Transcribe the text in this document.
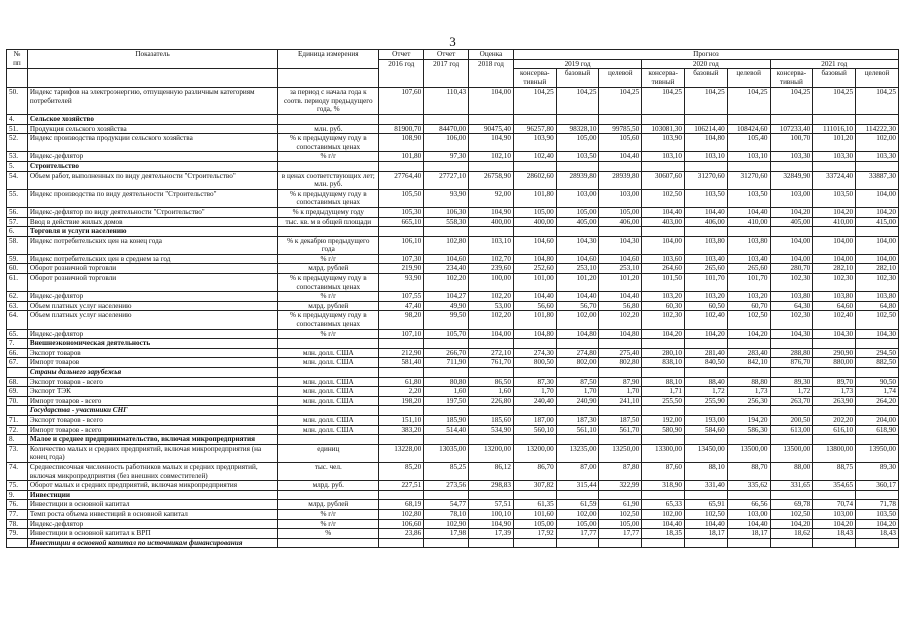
3
№ пп	Показатель	Единица измерения	Отчет	Отчет	Оценка	Прогноз								
			2016 год	2017 год	2018 год	2019 год			2020 год			2021 год		
						консерва-тивный	базовый	целевой	консерва-тивный	базовый	целевой	консерва-тивный	базовый	целевой
50.	Индекс тарифов на электроэнергию, отпущенную различным категориям потребителей	за период с начала года к соотв. периоду предыдущего года, %	107,60	110,43	104,00	104,25	104,25	104,25	104,25	104,25	104,25	104,25	104,25	104,25
4.	Сельское хозяйство													
51.	Продукция сельского хозяйства	млн. руб.	81900,70	84470,00	90475,40	96257,80	98328,10	99785,50	103081,30	106214,40	108424,60	107233,40	111016,10	114222,30
52.	Индекс производства продукции сельского хозяйства	% к предыдущему году в сопоставимых ценах	108,90	106,00	104,90	103,90	105,00	105,60	103,90	104,80	105,40	100,70	101,20	102,00
53.	Индекс-дефлятор	% г/г	101,80	97,30	102,10	102,40	103,50	104,40	103,10	103,10	103,10	103,30	103,30	103,30
5.	Строительство													
54.	Объем работ, выполненных по виду деятельности "Строительство"	в ценах соответствующих лет; млн. руб.	27764,40	27727,10	26758,90	28602,60	28939,80	28939,80	30607,60	31270,60	31270,60	32849,90	33724,40	33887,30
55.	Индекс производства по виду деятельности "Строительство"	% к предыдущему году в сопоставимых ценах	105,50	93,90	92,00	101,80	103,00	103,00	102,50	103,50	103,50	103,00	103,50	104,00
56.	Индекс-дефлятор по виду деятельности "Строительство"	% к предыдущему году	105,30	106,30	104,90	105,00	105,00	105,00	104,40	104,40	104,40	104,20	104,20	104,20
57.	Ввод в действие жилых домов	тыс. кв. м в общей площади	665,10	558,30	400,00	400,00	405,00	406,00	403,00	406,00	410,00	405,00	410,00	415,00
6.	Торговля и услуги населению													
58.	Индекс потребительских цен на конец года	% к декабрю предыдущего года	106,10	102,80	103,10	104,60	104,30	104,30	104,00	103,80	103,80	104,00	104,00	104,00
59.	Индекс потребительских цен в среднем за год	% г/г	107,30	104,60	102,70	104,80	104,60	104,60	103,60	103,40	103,40	104,00	104,00	104,00
60.	Оборот розничной торговли	млрд. рублей	219,90	234,40	239,60	252,60	253,10	253,10	264,60	265,60	265,60	280,70	282,10	282,10
61.	Оборот розничной торговли	% к предыдущему году в сопоставимых ценах	93,90	102,20	100,00	101,00	101,20	101,20	101,50	101,70	101,70	102,30	102,30	102,30
62.	Индекс-дефлятор	% г/г	107,55	104,27	102,20	104,40	104,40	104,40	103,20	103,20	103,20	103,80	103,80	103,80
63.	Объем платных услуг населению	млрд. рублей	47,40	49,90	53,00	56,60	56,70	56,80	60,30	60,50	60,70	64,30	64,60	64,80
64.	Объем платных услуг населению	% к предыдущему году в сопоставимых ценах	98,20	99,50	102,20	101,80	102,00	102,20	102,30	102,40	102,50	102,30	102,40	102,50
65.	Индекс-дефлятор	% г/г	107,10	105,70	104,00	104,80	104,80	104,80	104,20	104,20	104,20	104,30	104,30	104,30
7.	Внешнеэкономическая деятельность													
66.	Экспорт товаров	млн. долл. США	212,90	266,70	272,10	274,30	274,80	275,40	280,10	281,40	283,40	288,80	290,90	294,50
67.	Импорт товаров	млн. долл. США	581,40	711,90	761,70	800,50	802,00	802,80	838,10	840,50	842,10	876,70	880,00	882,50
	Страны дальнего зарубежья													
68.	Экспорт товаров - всего	млн. долл. США	61,80	80,80	86,50	87,30	87,50	87,90	88,10	88,40	88,80	89,30	89,70	90,50
69.	Экспорт ТЭК	млн. долл. США	2,20	1,60	1,60	1,70	1,70	1,70	1,71	1,72	1,73	1,72	1,73	1,74
70.	Импорт товаров - всего	млн. долл. США	198,20	197,50	226,80	240,40	240,90	241,10	255,50	255,90	256,30	263,70	263,90	264,20
	Государства - участники СНГ													
71.	Экспорт товаров - всего	млн. долл. США	151,10	185,90	185,60	187,00	187,30	187,50	192,00	193,00	194,20	200,50	202,20	204,00
72.	Импорт товаров - всего	млн. долл. США	383,20	514,40	534,90	560,10	561,10	561,70	580,90	584,60	586,30	613,00	616,10	618,90
8.	Малое и среднее предпринимательство, включая микропредприятия													
73.	Количество малых и средних предприятий, включая микропредприятия (на конец года)	единиц	13228,00	13035,00	13200,00	13200,00	13235,00	13250,00	13300,00	13450,00	13500,00	13500,00	13800,00	13950,00
74.	Среднесписочная численность работников малых и средних предприятий, включая микропредприятия (без внешних совместителей)	тыс. чел.	85,20	85,25	86,12	86,70	87,00	87,80	87,60	88,10	88,70	88,00	88,75	89,30
75.	Оборот малых и средних предприятий, включая микропредприятия	млрд. руб.	227,51	273,56	298,83	307,82	315,44	322,99	318,90	331,40	335,62	331,65	354,65	360,17
9.	Инвестиции													
76.	Инвестиции в основной капитал	млрд. рублей	68,19	54,77	57,51	61,35	61,59	61,90	65,33	65,91	66,56	69,78	70,74	71,78
77.	Темп роста объема инвестиций в основной капитал	% г/г	102,80	78,10	100,10	101,60	102,00	102,50	102,00	102,50	103,00	102,50	103,00	103,50
78.	Индекс-дефлятор	% г/г	106,60	102,90	104,90	105,00	105,00	105,00	104,40	104,40	104,40	104,20	104,20	104,20
79.	Инвестиции в основной капитал к ВРП	%	23,86	17,98	17,39	17,92	17,77	17,77	18,35	18,17	18,17	18,62	18,43	18,43
	Инвестиции в основной капитал по источникам финансирования													
